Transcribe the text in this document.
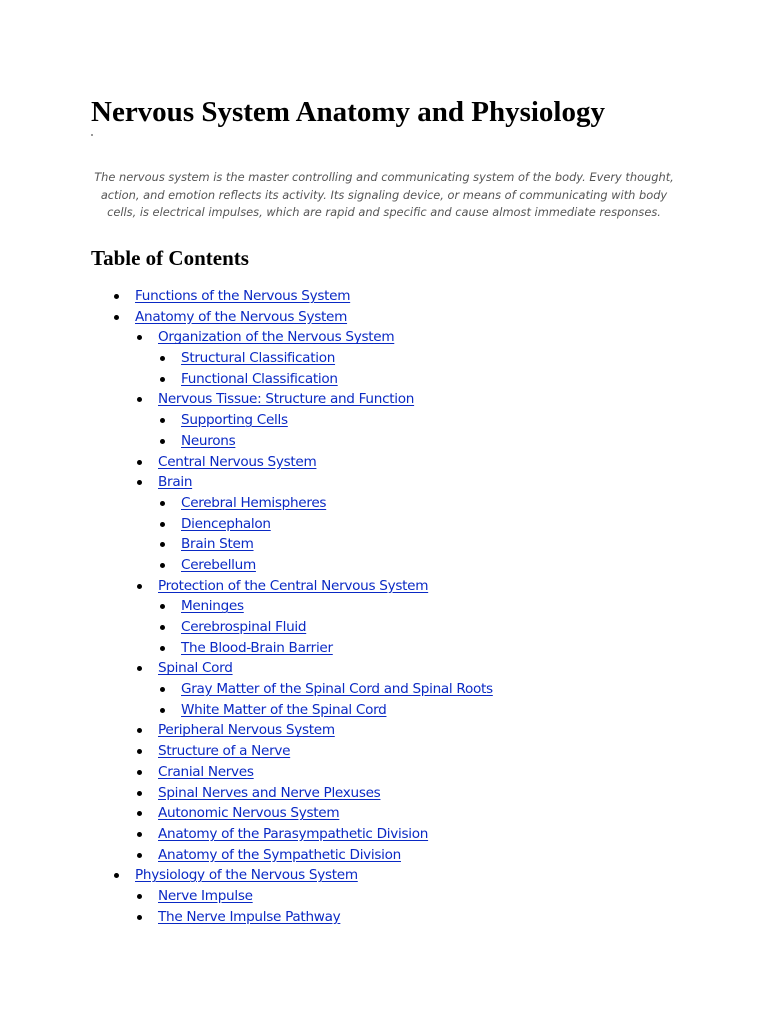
Nervous System Anatomy and Physiology

The nervous system is the master controlling and communicating system of the body. Every thought, action, and emotion reflects its activity. Its signaling device, or means of communicating with body cells, is electrical impulses, which are rapid and specific and cause almost immediate responses.

Table of Contents
Functions of the Nervous System
Anatomy of the Nervous System
Organization of the Nervous System
Structural Classification
Functional Classification
Nervous Tissue: Structure and Function
Supporting Cells
Neurons
Central Nervous System
Brain
Cerebral Hemispheres
Diencephalon
Brain Stem
Cerebellum
Protection of the Central Nervous System
Meninges
Cerebrospinal Fluid
The Blood-Brain Barrier
Spinal Cord
Gray Matter of the Spinal Cord and Spinal Roots
White Matter of the Spinal Cord
Peripheral Nervous System
Structure of a Nerve
Cranial Nerves
Spinal Nerves and Nerve Plexuses
Autonomic Nervous System
Anatomy of the Parasympathetic Division
Anatomy of the Sympathetic Division
Physiology of the Nervous System
Nerve Impulse
The Nerve Impulse Pathway
